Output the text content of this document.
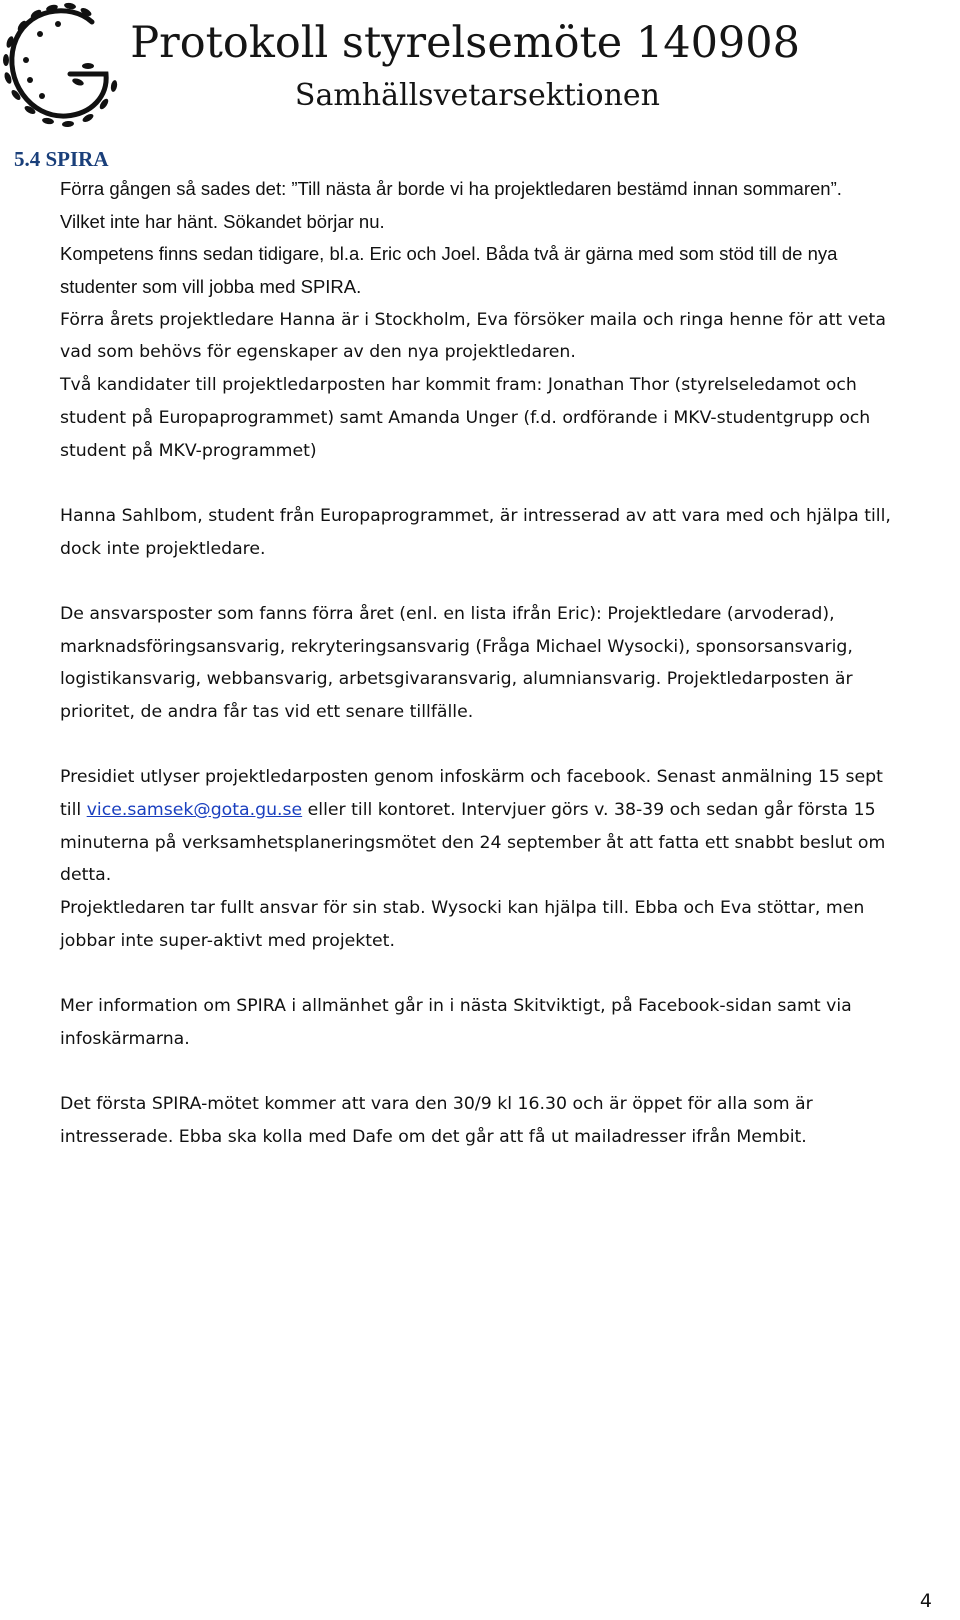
Protokoll styrelsemöte 140908
Samhällsvetarsektionen
5.4 SPIRA

Förra gången så sades det: ”Till nästa år borde vi ha projektledaren bestämd innan sommaren”.

Vilket inte har hänt. Sökandet börjar nu.

Kompetens finns sedan tidigare, bl.a. Eric och Joel. Båda två är gärna med som stöd till de nya

studenter som vill jobba med SPIRA.

Förra årets projektledare Hanna är i Stockholm, Eva försöker maila och ringa henne för att veta

vad som behövs för egenskaper av den nya projektledaren.

Två kandidater till projektledarposten har kommit fram: Jonathan Thor (styrelseledamot och

student på Europaprogrammet) samt Amanda Unger (f.d. ordförande i MKV-studentgrupp och

student på MKV-programmet)

Hanna Sahlbom, student från Europaprogrammet, är intresserad av att vara med och hjälpa till,

dock inte projektledare.

De ansvarsposter som fanns förra året (enl. en lista ifrån Eric): Projektledare (arvoderad),

marknadsföringsansvarig, rekryteringsansvarig (Fråga Michael Wysocki), sponsorsansvarig,

logistikansvarig, webbansvarig, arbetsgivaransvarig, alumniansvarig. Projektledarposten är

prioritet, de andra får tas vid ett senare tillfälle.

Presidiet utlyser projektledarposten genom infoskärm och facebook. Senast anmälning 15 sept

till vice.samsek@gota.gu.se eller till kontoret. Intervjuer görs v. 38-39 och sedan går första 15

minuterna på verksamhetsplaneringsmötet den 24 september åt att fatta ett snabbt beslut om

detta.

Projektledaren tar fullt ansvar för sin stab. Wysocki kan hjälpa till. Ebba och Eva stöttar, men

jobbar inte super-aktivt med projektet.

Mer information om SPIRA i allmänhet går in i nästa Skitviktigt, på Facebook-sidan samt via

infoskärmarna.

Det första SPIRA-mötet kommer att vara den 30/9 kl 16.30 och är öppet för alla som är

intresserade. Ebba ska kolla med Dafe om det går att få ut mailadresser ifrån Membit.

4
